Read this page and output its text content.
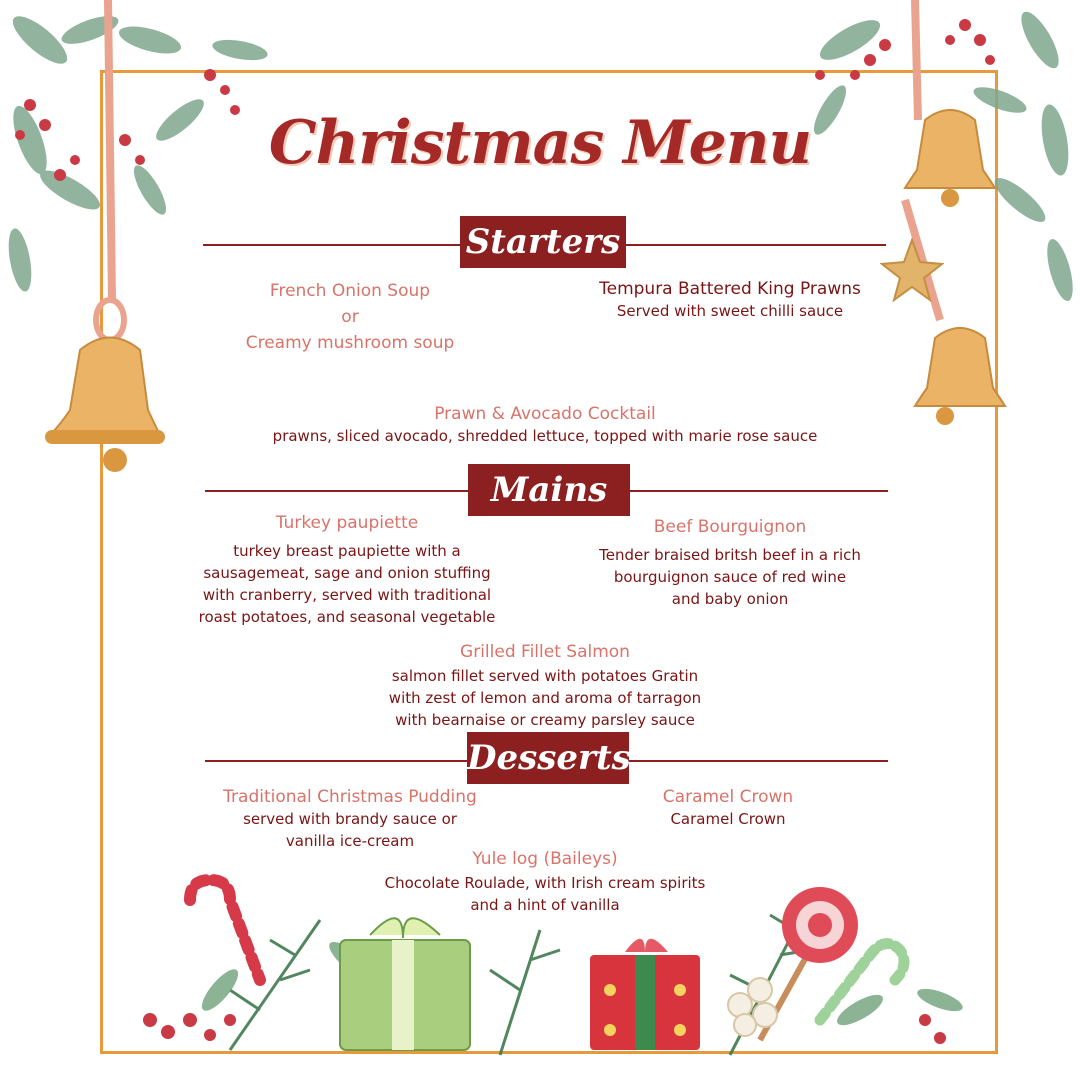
Christmas Menu
Starters
French Onion Soup
or
Creamy mushroom soup
Tempura Battered King Prawns
Served with sweet chilli sauce
Prawn & Avocado Cocktail
prawns, sliced avocado, shredded lettuce, topped with marie rose sauce
Mains
Turkey paupiette
turkey breast paupiette with a
sausagemeat, sage and onion stuffing
with cranberry, served with traditional
roast potatoes, and seasonal vegetable
Beef Bourguignon
Tender braised britsh beef in a rich
bourguignon sauce of red wine
and baby onion
Grilled Fillet Salmon
salmon fillet served with potatoes Gratin
with zest of lemon and aroma of tarragon
with bearnaise or creamy parsley sauce
Desserts
Traditional Christmas Pudding
served with brandy sauce or
vanilla ice-cream
Caramel Crown
Caramel Crown
Yule log (Baileys)
Chocolate Roulade, with Irish cream spirits
and a hint of vanilla
